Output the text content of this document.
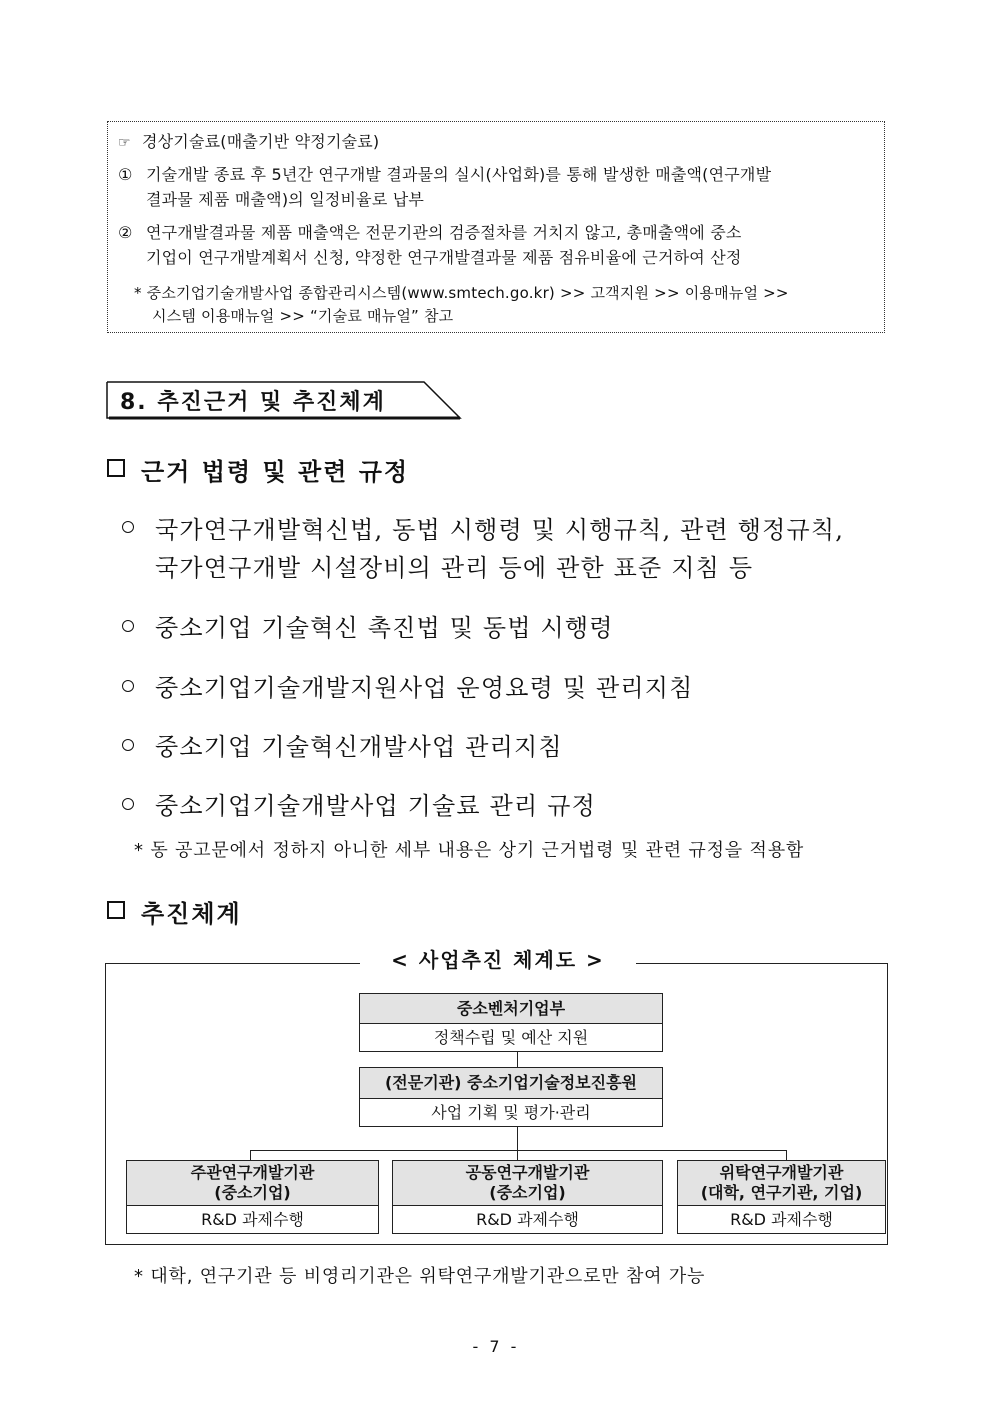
☞ 경상기술료(매출기반 약정기술료)
① 기술개발 종료 후 5년간 연구개발 결과물의 실시(사업화)를 통해 발생한 매출액(연구개발
결과물 제품 매출액)의 일정비율로 납부
② 연구개발결과물 제품 매출액은 전문기관의 검증절차를 거치지 않고, 총매출액에 중소
기업이 연구개발계획서 신청, 약정한 연구개발결과물 제품 점유비율에 근거하여 산정
* 중소기업기술개발사업 종합관리시스템(www.smtech.go.kr) >> 고객지원 >> 이용매뉴얼 >>
시스템 이용매뉴얼 >> “기술료 매뉴얼” 참고
8. 추진근거 및 추진체계
근거 법령 및 관련 규정
국가연구개발혁신법, 동법 시행령 및 시행규칙, 관련 행정규칙,
국가연구개발 시설장비의 관리 등에 관한 표준 지침 등
중소기업 기술혁신 촉진법 및 동법 시행령
중소기업기술개발지원사업 운영요령 및 관리지침
중소기업 기술혁신개발사업 관리지침
중소기업기술개발사업 기술료 관리 규정
* 동 공고문에서 정하지 아니한 세부 내용은 상기 근거법령 및 관련 규정을 적용함
추진체계
< 사업추진 체계도 >
중소벤처기업부
정책수립 및 예산 지원
(전문기관) 중소기업기술정보진흥원
사업 기획 및 평가·관리
주관연구개발기관
(중소기업)
R&D 과제수행
공동연구개발기관
(중소기업)
R&D 과제수행
위탁연구개발기관
(대학, 연구기관, 기업)
R&D 과제수행
* 대학, 연구기관 등 비영리기관은 위탁연구개발기관으로만 참여 가능
- 7 -
